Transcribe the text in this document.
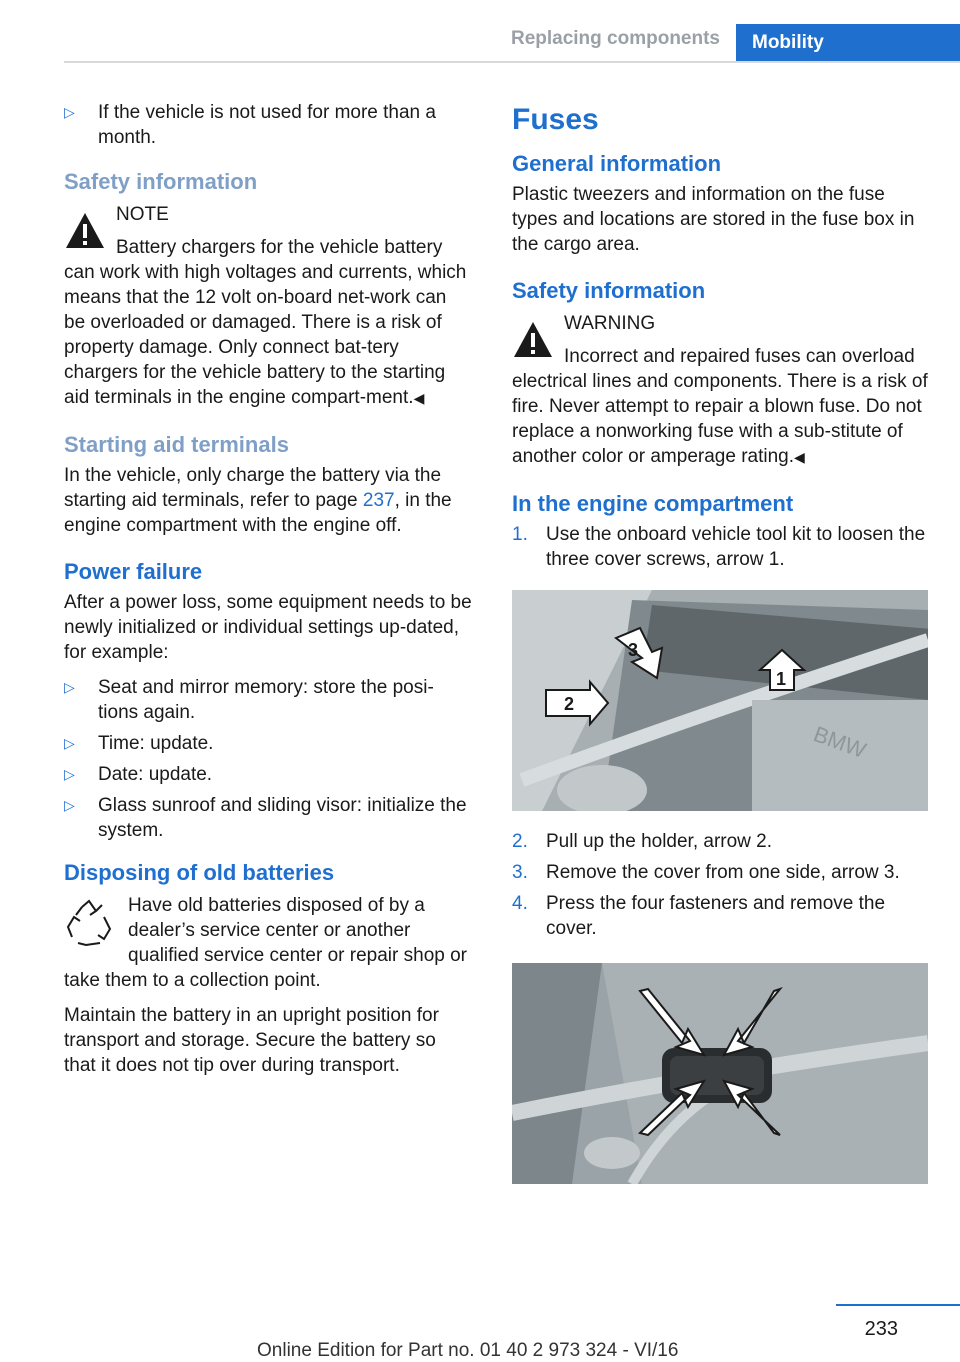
Replacing components	Mobility
▷ If the vehicle is not used for more than a month.
Safety information
NOTE
Battery chargers for the vehicle battery can work with high voltages and currents, which means that the 12 volt on-board net-work can be overloaded or damaged. There is a risk of property damage. Only connect bat-tery chargers for the vehicle battery to the starting aid terminals in the engine compart-ment.◀
Starting aid terminals

In the vehicle, only charge the battery via the starting aid terminals, refer to page 237, in the engine compartment with the engine off.

Power failure

After a power loss, some equipment needs to be newly initialized or individual settings up-dated, for example:

▷ Seat and mirror memory: store the posi-tions again.
▷ Time: update.
▷ Date: update.
▷ Glass sunroof and sliding visor: initialize the system.
Disposing of old batteries

Have old batteries disposed of by a dealer’s service center or another qualified service center or repair shop or take them to a collection point.

Maintain the battery in an upright position for transport and storage. Secure the battery so that it does not tip over during transport.

Fuses
General information

Plastic tweezers and information on the fuse types and locations are stored in the fuse box in the cargo area.

Safety information
WARNING
Incorrect and repaired fuses can overload electrical lines and components. There is a risk of fire. Never attempt to repair a blown fuse. Do not replace a nonworking fuse with a sub-stitute of another color or amperage rating.◀
In the engine compartment
1. Use the onboard vehicle tool kit to loosen the three cover screws, arrow 1.
BMW
1
2
3
2. Pull up the holder, arrow 2.
3. Remove the cover from one side, arrow 3.
4. Press the four fasteners and remove the cover.
233
Online Edition for Part no. 01 40 2 973 324 - VI/16
